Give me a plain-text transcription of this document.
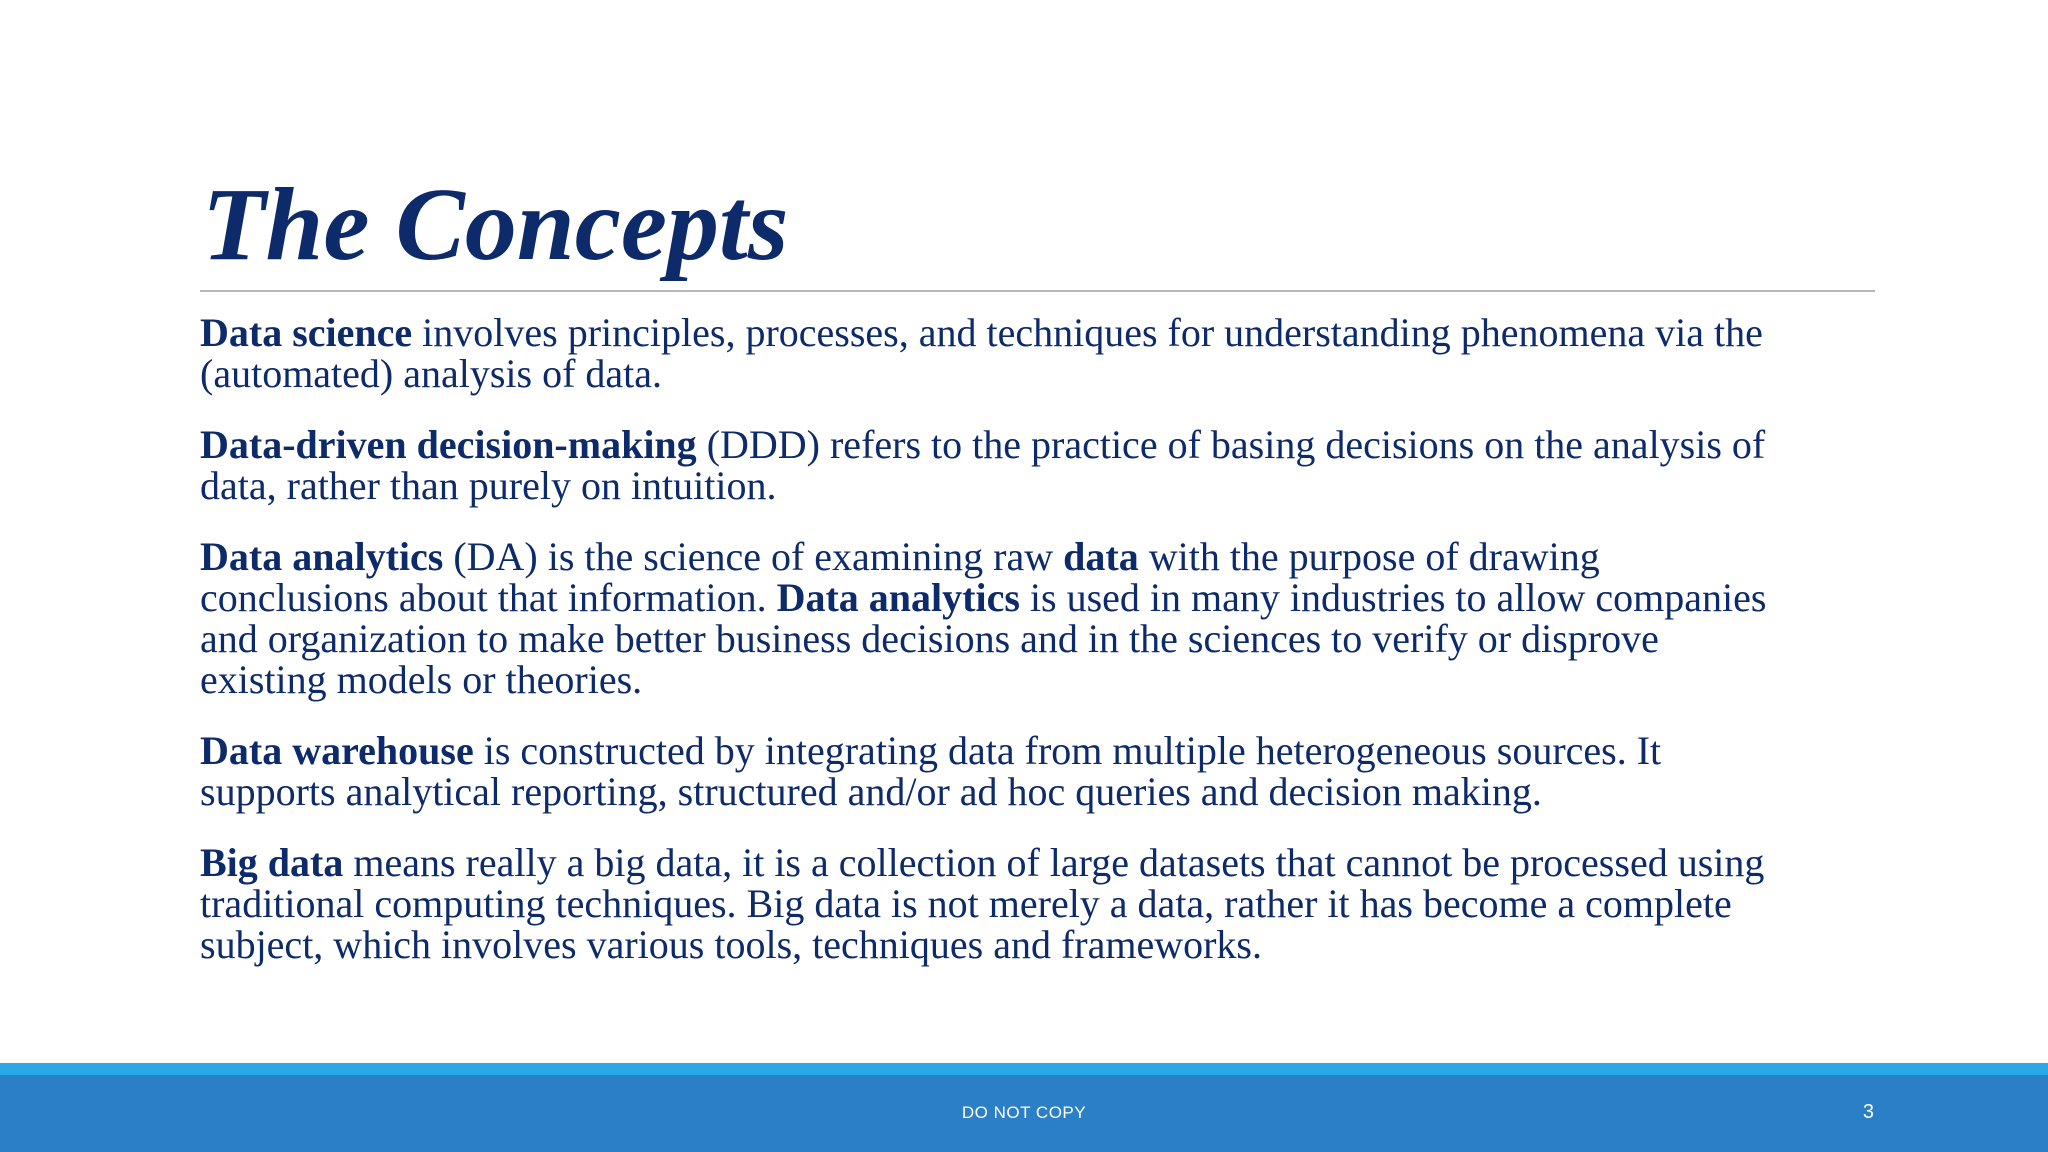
The Concepts

Data science involves principles, processes, and techniques for understanding phenomena via the
(automated) analysis of data.

Data-driven decision-making (DDD) refers to the practice of basing decisions on the analysis of
data, rather than purely on intuition.

Data analytics (DA) is the science of examining raw data with the purpose of drawing
conclusions about that information. Data analytics is used in many industries to allow companies
and organization to make better business decisions and in the sciences to verify or disprove
existing models or theories.

Data warehouse is constructed by integrating data from multiple heterogeneous sources. It
supports analytical reporting, structured and/or ad hoc queries and decision making.

Big data means really a big data, it is a collection of large datasets that cannot be processed using
traditional computing techniques. Big data is not merely a data, rather it has become a complete
subject, which involves various tools, techniques and frameworks.

DO NOT COPY	3
